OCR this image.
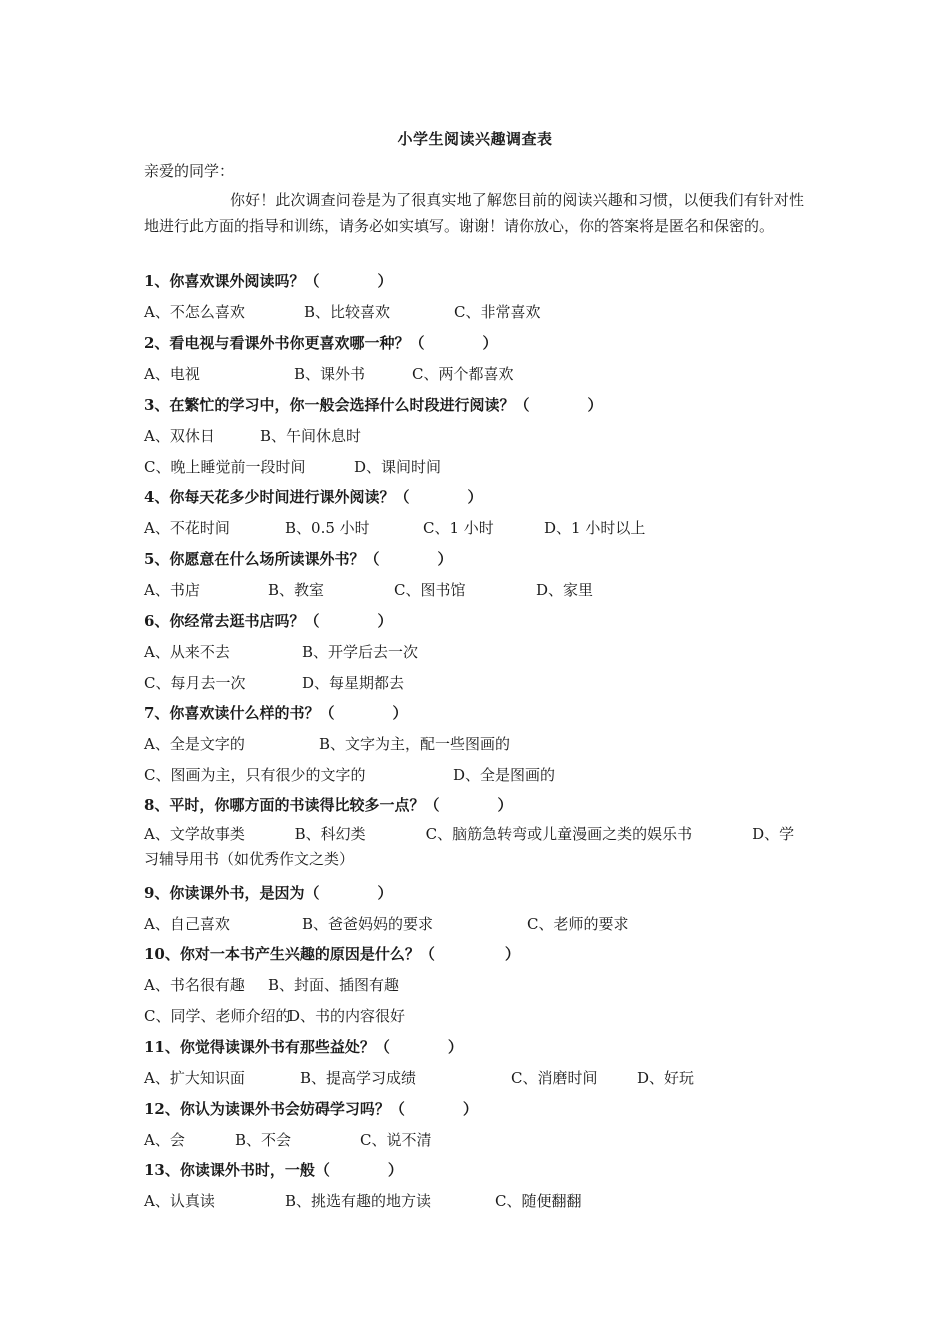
小学生阅读兴趣调查表
亲爱的同学：
你好！此次调查问卷是为了很真实地了解您目前的阅读兴趣和习惯，以便我们有针对性地进行此方面的指导和训练，请务必如实填写。谢谢！请你放心，你的答案将是匿名和保密的。
1、你喜欢课外阅读吗？（	）
A、不怎么喜欢	B、比较喜欢	C、非常喜欢
2、看电视与看课外书你更喜欢哪一种？（	）
A、电视	B、课外书	C、两个都喜欢
3、在繁忙的学习中，你一般会选择什么时段进行阅读？（	）
A、双休日	B、午间休息时
C、晚上睡觉前一段时间	D、课间时间
4、你每天花多少时间进行课外阅读？（	）
A、不花时间	B、0.5 小时	C、1 小时	D、1 小时以上
5、你愿意在什么场所读课外书？（	）
A、书店	B、教室	C、图书馆	D、家里
6、你经常去逛书店吗？（	）
A、从来不去	B、开学后去一次
C、每月去一次	D、每星期都去
7、你喜欢读什么样的书？（	）
A、全是文字的	B、文字为主，配一些图画的
C、图画为主，只有很少的文字的	D、全是图画的
8、平时，你哪方面的书读得比较多一点？（	）
A、文学故事类　　　 B、科幻类　　　　C、脑筋急转弯或儿童漫画之类的娱乐书　　　　D、学习辅导用书（如优秀作文之类）
9、你读课外书，是因为（	）
A、自己喜欢	B、爸爸妈妈的要求	C、老师的要求
10、你对一本书产生兴趣的原因是什么？（	）
A、书名很有趣 B、封面、插图有趣
C、同学、老师介绍的
D、书的内容很好
11、你觉得读课外书有那些益处？（	）
A、扩大知识面	B、提高学习成绩	C、消磨时间	D、好玩
12、你认为读课外书会妨碍学习吗？（	）
A、会	B、不会	C、说不清
13、你读课外书时，一般（	）
A、认真读	B、挑选有趣的地方读	C、随便翻翻
